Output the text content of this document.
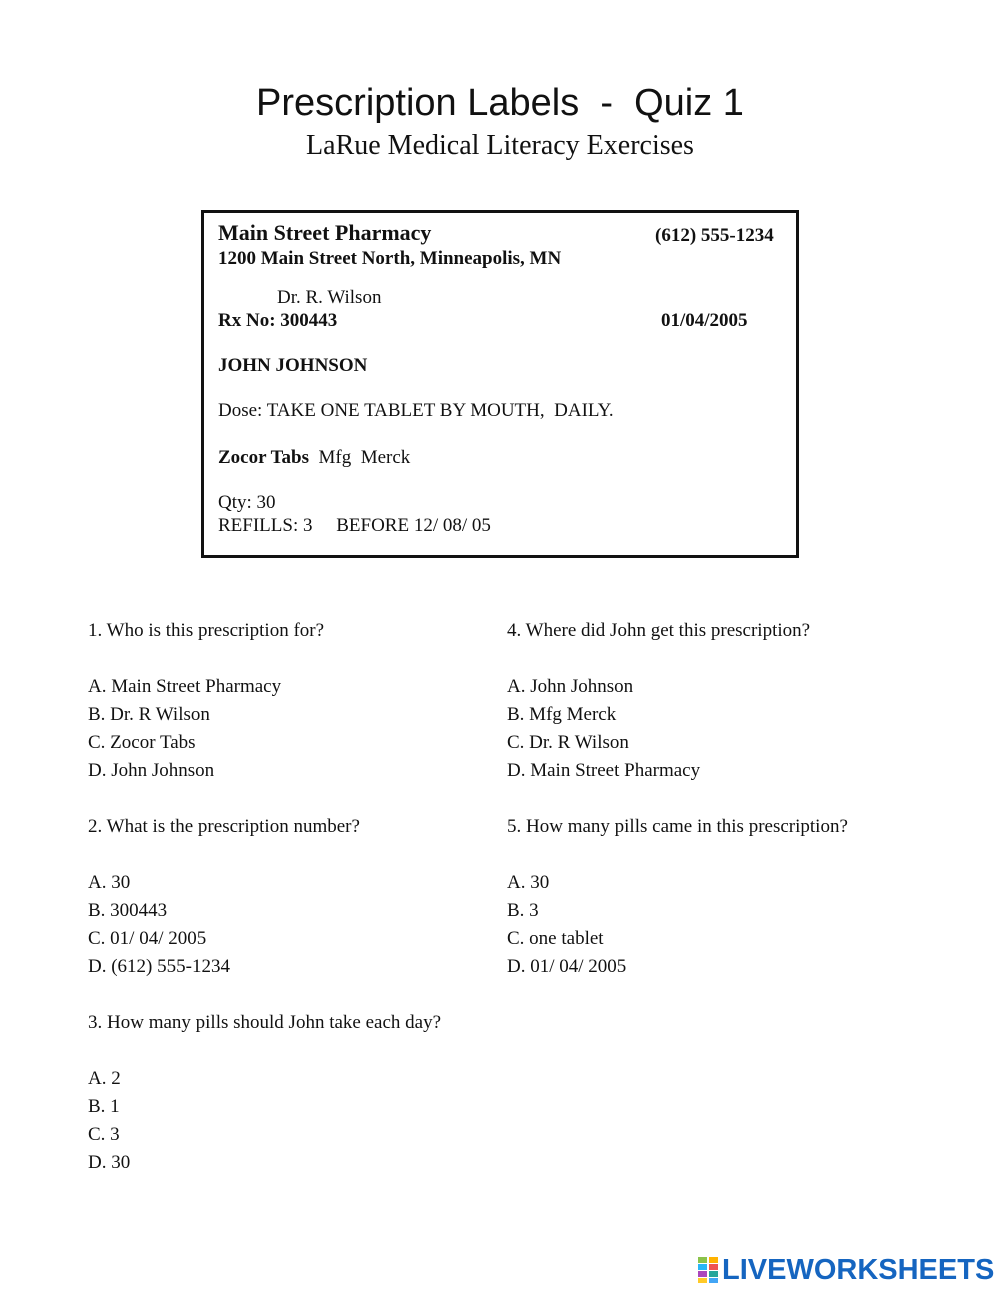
Prescription Labels  -  Quiz 1
LaRue Medical Literacy Exercises
Main Street Pharmacy	(612) 555-1234
1200 Main Street North, Minneapolis, MN
Dr. R. Wilson
Rx No: 300443	01/04/2005
JOHN JOHNSON
Dose: TAKE ONE TABLET BY MOUTH,  DAILY.
Zocor Tabs Mfg  Merck
Qty: 30
REFILLS: 3     BEFORE 12/ 08/ 05
1. Who is this prescription for?
A. Main Street Pharmacy
B. Dr. R Wilson
C. Zocor Tabs
D. John Johnson
2. What is the prescription number?
A. 30
B. 300443
C. 01/ 04/ 2005
D. (612) 555-1234
3. How many pills should John take each day?
A. 2
B. 1
C. 3
D. 30
4. Where did John get this prescription?
A. John Johnson
B. Mfg Merck
C. Dr. R Wilson
D. Main Street Pharmacy
5. How many pills came in this prescription?
A. 30
B. 3
C. one tablet
D. 01/ 04/ 2005
LIVEWORKSHEETS
